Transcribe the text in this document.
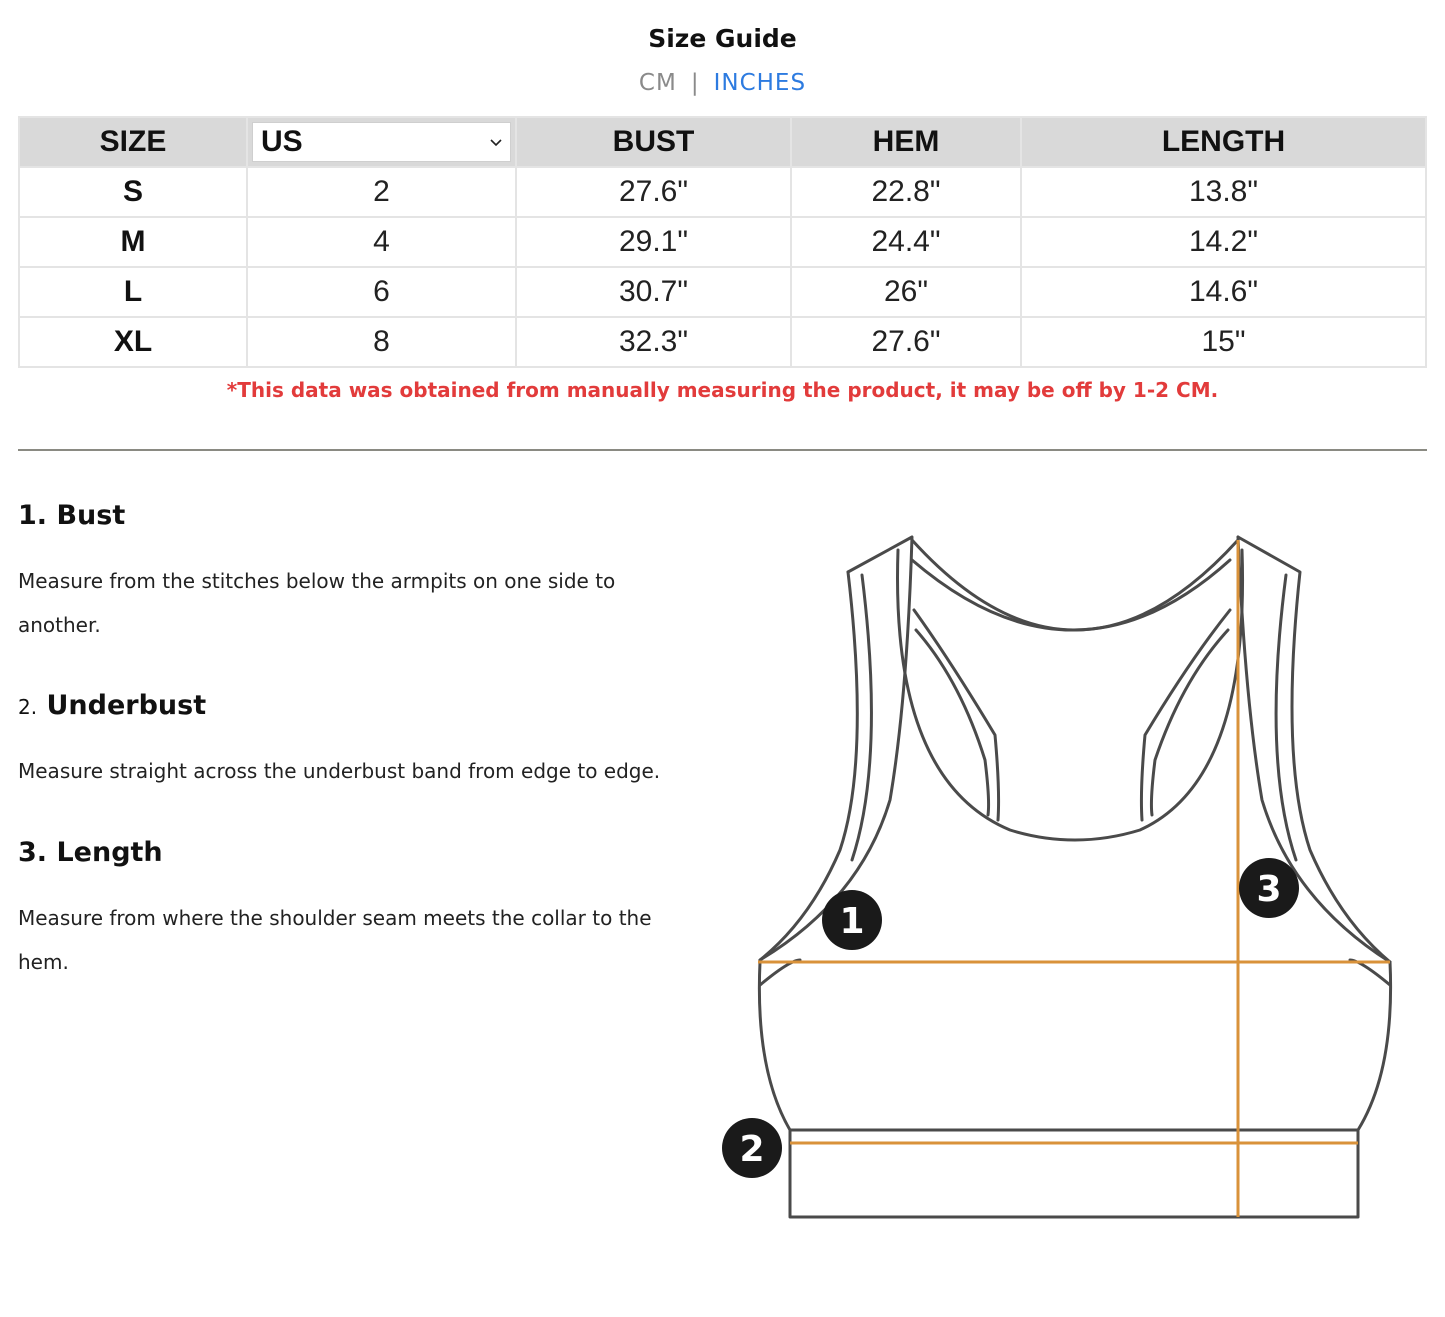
Size Guide
CM | INCHES
SIZE	US	BUST	HEM	LENGTH
S	2	27.6"	22.8"	13.8"
M	4	29.1"	24.4"	14.2"
L	6	30.7"	26"	14.6"
XL	8	32.3"	27.6"	15"
*This data was obtained from manually measuring the product, it may be off by 1-2 CM.
1. Bust

Measure from the stitches below the armpits on one side to another.

2. Underbust

Measure straight across the underbust band from edge to edge.

3. Length

Measure from where the shoulder seam meets the collar to the hem.

1
2
3
